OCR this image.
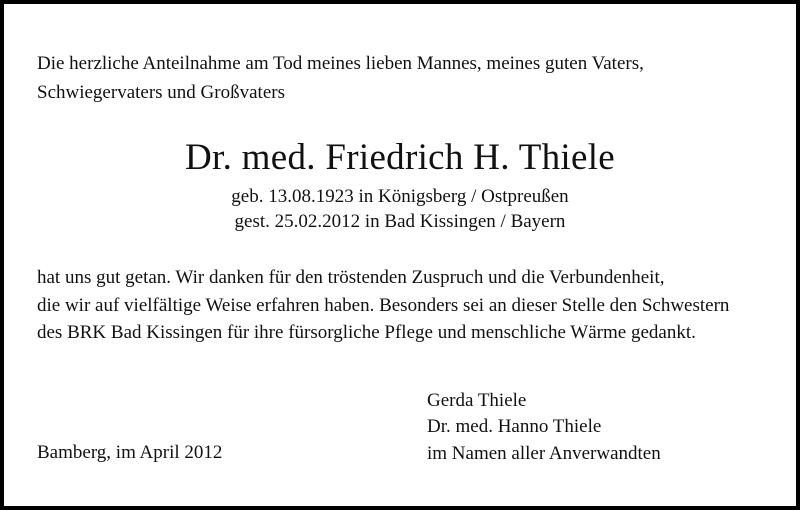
Die herzliche Anteilnahme am Tod meines lieben Mannes, meines guten Vaters,
Schwiegervaters und Großvaters
Dr. med. Friedrich H. Thiele
geb. 13.08.1923 in Königsberg / Ostpreußen
gest. 25.02.2012 in Bad Kissingen / Bayern
hat uns gut getan. Wir danken für den tröstenden Zuspruch und die Verbundenheit,
die wir auf vielfältige Weise erfahren haben. Besonders sei an dieser Stelle den Schwestern
des BRK Bad Kissingen für ihre fürsorgliche Pflege und menschliche Wärme gedankt.
Gerda Thiele
Dr. med. Hanno Thiele
im Namen aller Anverwandten
Bamberg, im April 2012
